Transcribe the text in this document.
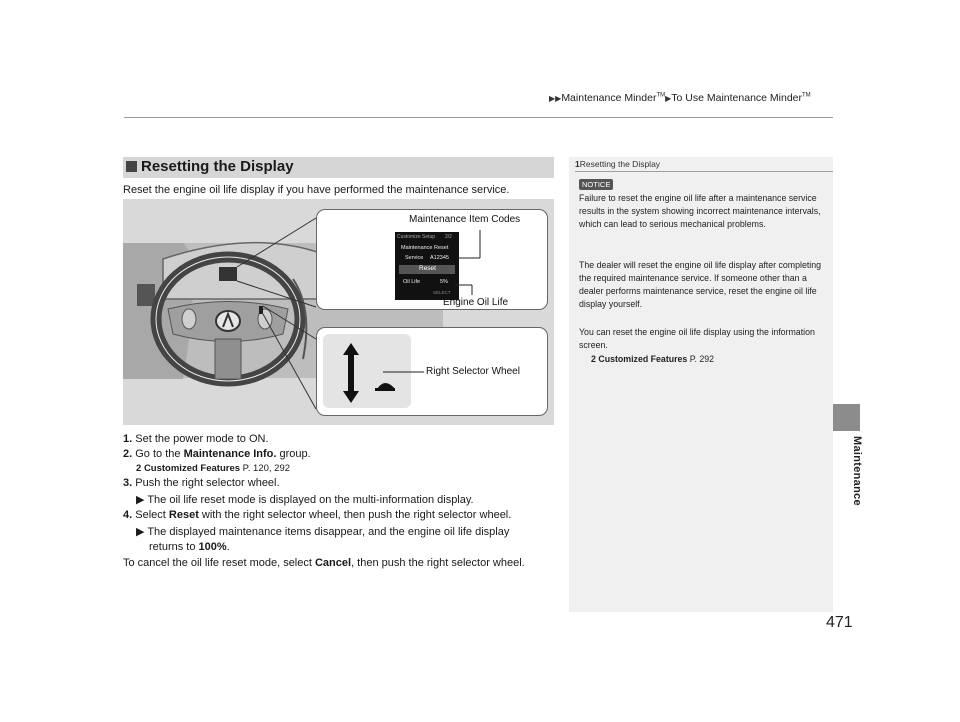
▶▶Maintenance Minder™▶To Use Maintenance Minder™
Resetting the Display
Reset the engine oil life display if you have performed the maintenance service.
Customize Setup 2/2
Maintenance Reset
Service A12345
Reset
Oil Life	5%
SELECT
Maintenance Item Codes
Engine Oil Life
Right Selector Wheel
1. Set the power mode to ON.
2. Go to the Maintenance Info. group.
2 Customized Features P. 120, 292
3. Push the right selector wheel.
▶ The oil life reset mode is displayed on the multi-information display.
4. Select Reset with the right selector wheel, then push the right selector wheel.
▶ The displayed maintenance items disappear, and the engine oil life display
returns to 100%.
To cancel the oil life reset mode, select Cancel, then push the right selector wheel.
1Resetting the Display
NOTICE
Failure to reset the engine oil life after a maintenance service results in the system showing incorrect maintenance intervals, which can lead to serious mechanical problems.
The dealer will reset the engine oil life display after completing the required maintenance service. If someone other than a dealer performs maintenance service, reset the engine oil life display yourself.
You can reset the engine oil life display using the information screen.
2 Customized Features P. 292
Maintenance
471
